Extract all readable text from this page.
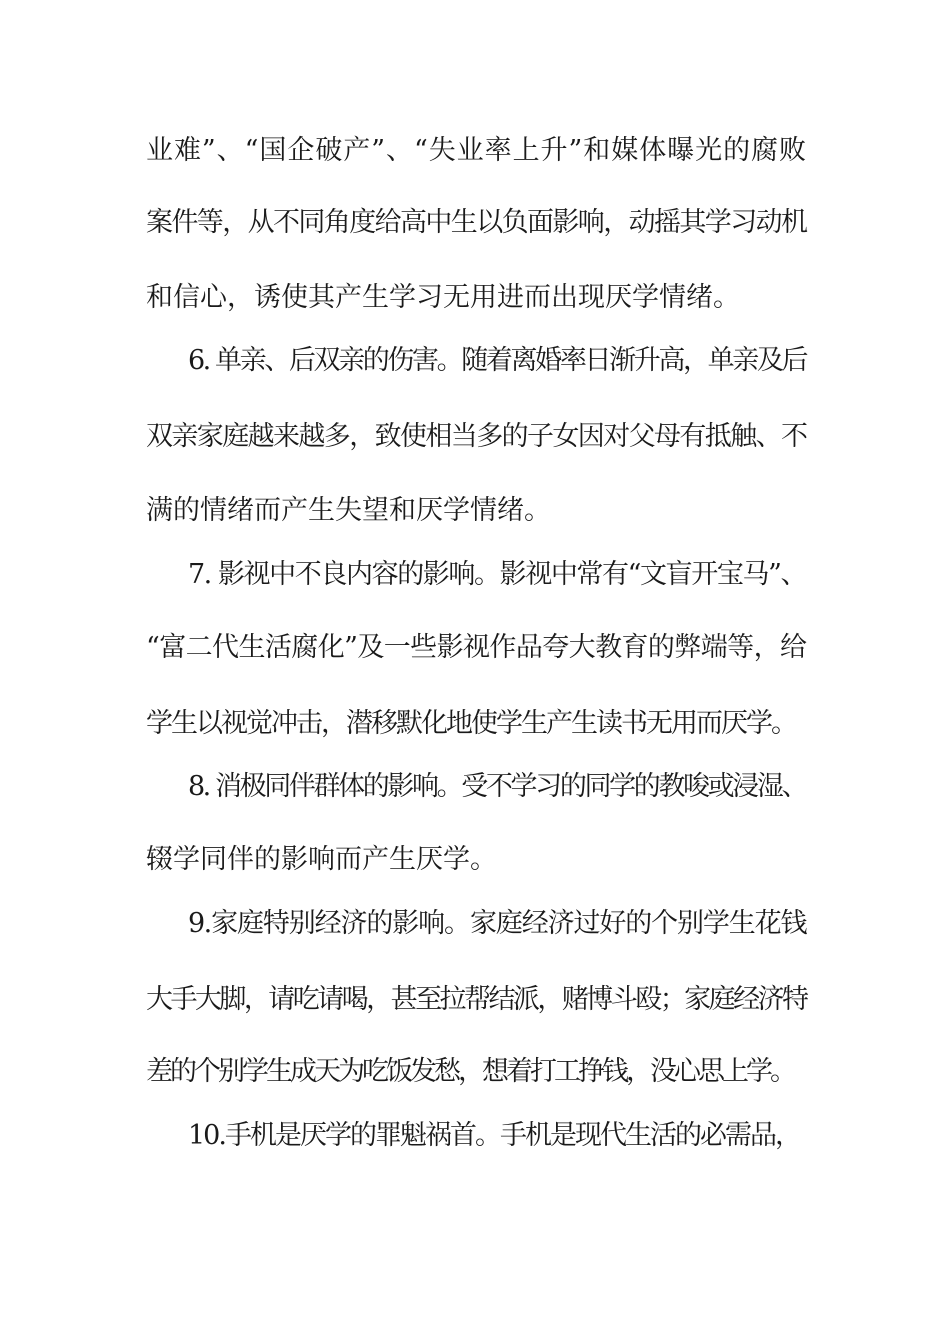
业难”、“国企破产”、“失业率上升”和媒体曝光的腐败
案件等，从不同角度给高中生以负面影响，动摇其学习动机
和信心，诱使其产生学习无用进而出现厌学情绪。
6. 单亲、后双亲的伤害。随着离婚率日渐升高，单亲及后
双亲家庭越来越多，致使相当多的子女因对父母有抵触、不
满的情绪而产生失望和厌学情绪。
7. 影视中不良内容的影响。影视中常有“文盲开宝马”、
“富二代生活腐化”及一些影视作品夸大教育的弊端等，给
学生以视觉冲击，潜移默化地使学生产生读书无用而厌学。
8. 消极同伴群体的影响。受不学习的同学的教唆或浸湿、
辍学同伴的影响而产生厌学。
9.家庭特别经济的影响。家庭经济过好的个别学生花钱
大手大脚，请吃请喝，甚至拉帮结派，赌博斗殴；家庭经济特
差的个别学生成天为吃饭发愁，想着打工挣钱，没心思上学。
10.手机是厌学的罪魁祸首。手机是现代生活的必需品，
